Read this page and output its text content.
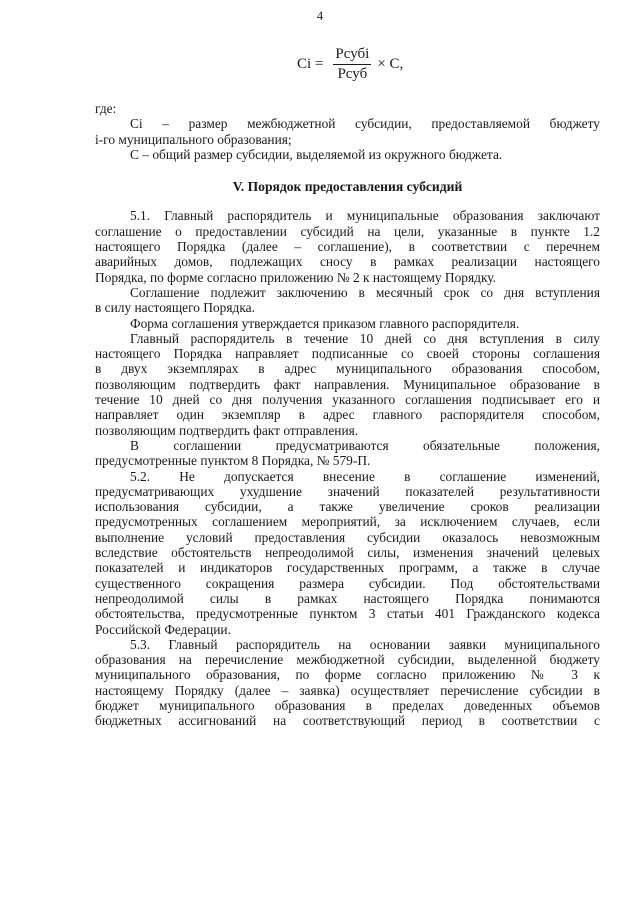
4
$Ci = \frac{\text{Рсубi}}{\text{Рсуб}} \times C$,

где:

Ci – размер межбюджетной субсидии, предоставляемой бюджету

i-го муниципального образования;

С – общий размер субсидии, выделяемой из окружного бюджета.

V. Порядок предоставления субсидий

5.1. Главный распорядитель и муниципальные образования заключают

соглашение о предоставлении субсидий на цели, указанные в пункте 1.2

настоящего Порядка (далее – соглашение), в соответствии с перечнем

аварийных домов, подлежащих сносу в рамках реализации настоящего

Порядка, по форме согласно приложению № 2 к настоящему Порядку.

Соглашение подлежит заключению в месячный срок со дня вступления

в силу настоящего Порядка.

Форма соглашения утверждается приказом главного распорядителя.

Главный распорядитель в течение 10 дней со дня вступления в силу

настоящего Порядка направляет подписанные со своей стороны соглашения

в двух экземплярах в адрес муниципального образования способом,

позволяющим подтвердить факт направления. Муниципальное образование в

течение 10 дней со дня получения указанного соглашения подписывает его и

направляет один экземпляр в адрес главного распорядителя способом,

позволяющим подтвердить факт отправления.

В соглашении предусматриваются обязательные положения,

предусмотренные пунктом 8 Порядка, № 579-П.

5.2. Не допускается внесение в соглашение изменений,

предусматривающих ухудшение значений показателей результативности

использования субсидии, а также увеличение сроков реализации

предусмотренных соглашением мероприятий, за исключением случаев, если

выполнение условий предоставления субсидии оказалось невозможным

вследствие обстоятельств непреодолимой силы, изменения значений целевых

показателей и индикаторов государственных программ, а также в случае

существенного сокращения размера субсидии. Под обстоятельствами

непреодолимой силы в рамках настоящего Порядка понимаются

обстоятельства, предусмотренные пунктом 3 статьи 401 Гражданского кодекса

Российской Федерации.

5.3. Главный распорядитель на основании заявки муниципального

образования на перечисление межбюджетной субсидии, выделенной бюджету

муниципального образования, по форме согласно приложению № 3 к

настоящему Порядку (далее – заявка) осуществляет перечисление субсидии в

бюджет муниципального образования в пределах доведенных объемов

бюджетных ассигнований на соответствующий период в соответствии с
